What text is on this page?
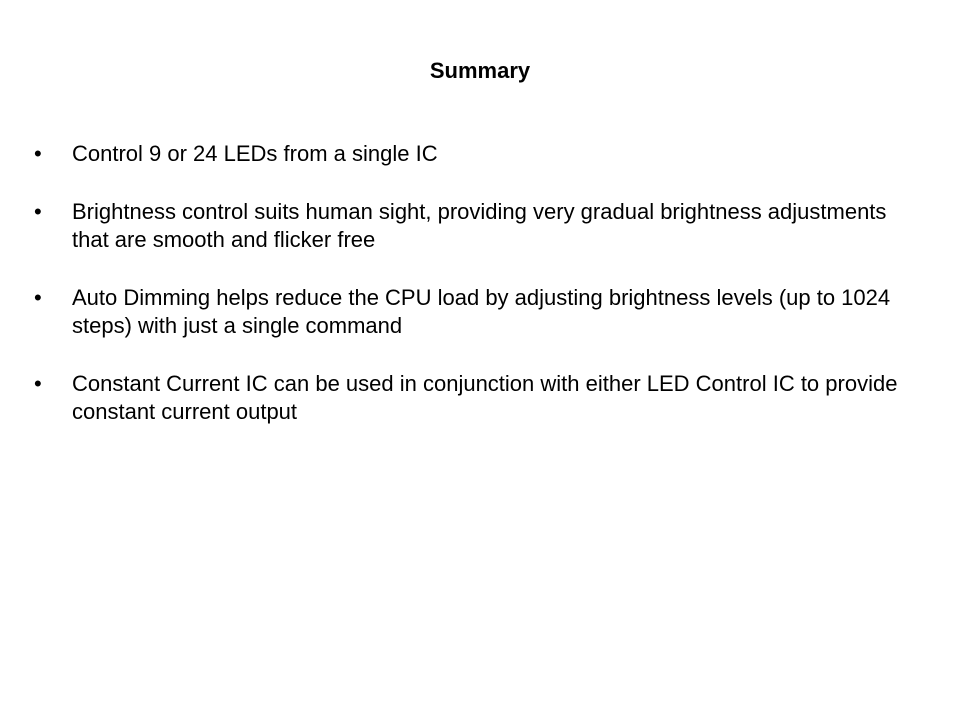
Summary
•	Control 9 or 24 LEDs from a single IC
•	Brightness control suits human sight, providing very gradual brightness adjustments that are smooth and flicker free
•	Auto Dimming helps reduce the CPU load by adjusting brightness levels (up to 1024 steps) with just a single command
•	Constant Current IC can be used in conjunction with either LED Control IC to provide constant current output
